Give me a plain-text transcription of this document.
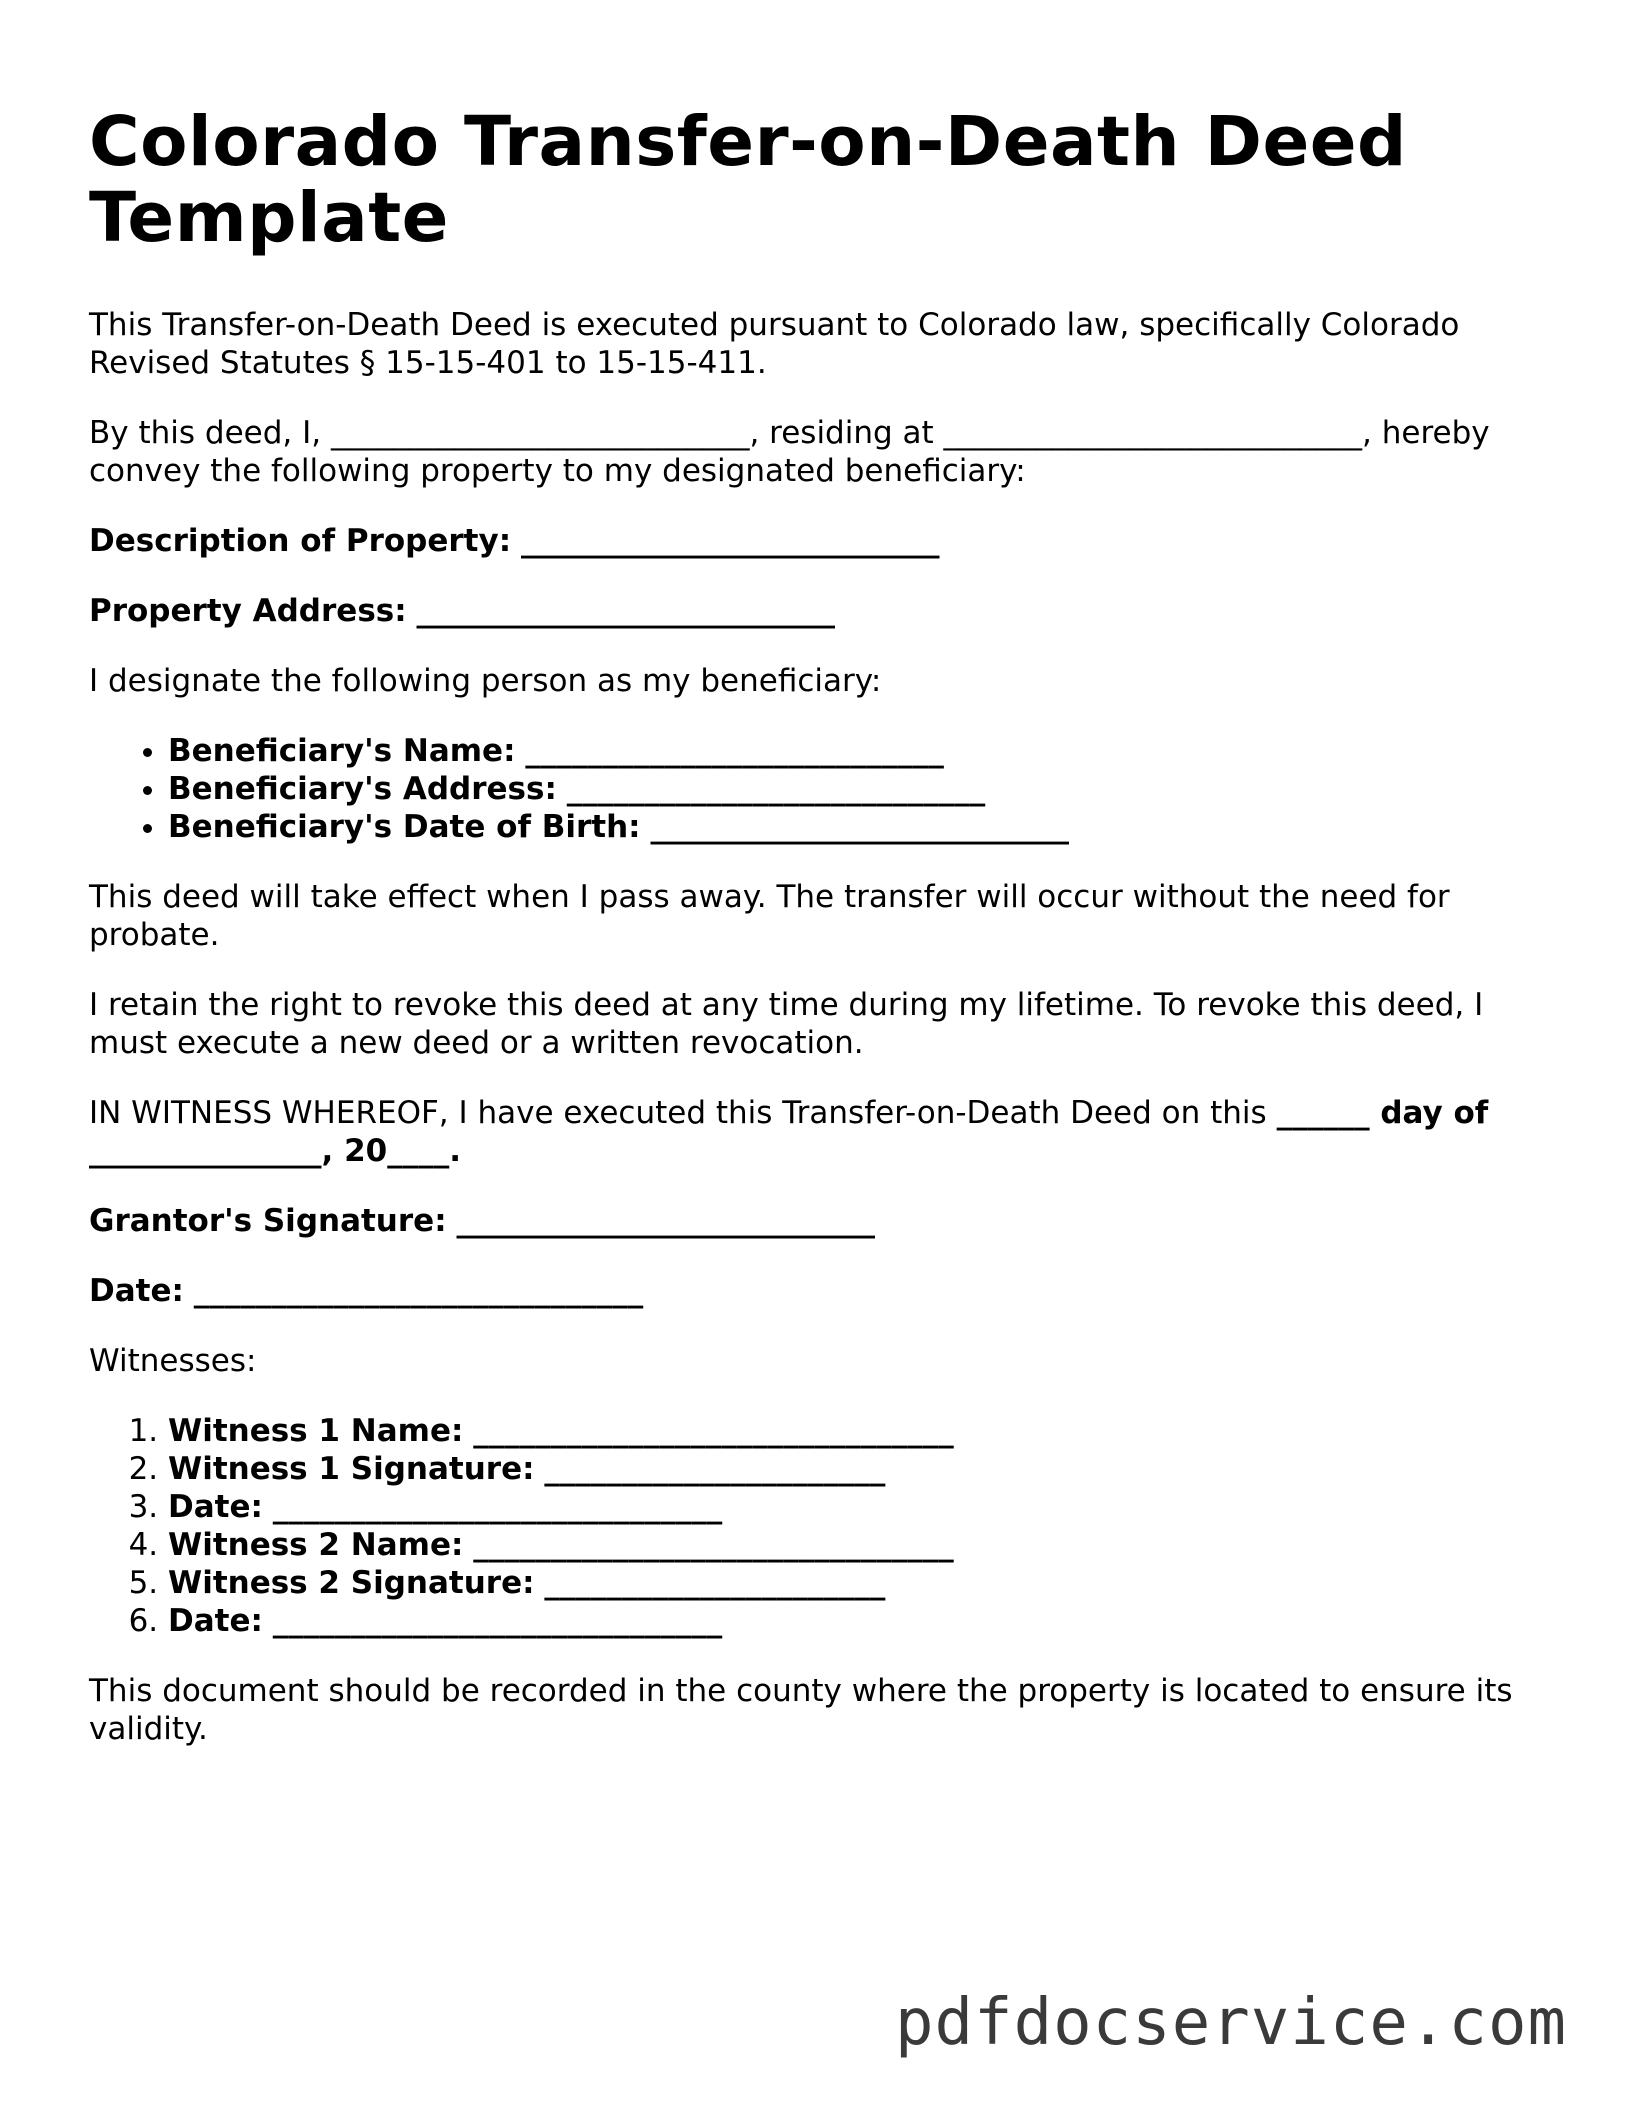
Colorado Transfer-on-Death Deed Template

This Transfer-on-Death Deed is executed pursuant to Colorado law, specifically Colorado Revised Statutes § 15-15-401 to 15-15-411.

By this deed, I, ___________________________, residing at ___________________________, hereby convey the following property to my designated beneficiary:

Description of Property: ___________________________

Property Address: ___________________________

I designate the following person as my beneficiary:

• Beneficiary's Name: ___________________________
• Beneficiary's Address: ___________________________
• Beneficiary's Date of Birth: ___________________________

This deed will take effect when I pass away. The transfer will occur without the need for probate.

I retain the right to revoke this deed at any time during my lifetime. To revoke this deed, I must execute a new deed or a written revocation.

IN WITNESS WHEREOF, I have executed this Transfer-on-Death Deed on this ______ day of _______________, 20____.

Grantor's Signature: ___________________________

Date: _____________________________

Witnesses:

1. Witness 1 Name: _______________________________
2. Witness 1 Signature: ______________________
3. Date: _____________________________
4. Witness 2 Name: _______________________________
5. Witness 2 Signature: ______________________
6. Date: _____________________________

This document should be recorded in the county where the property is located to ensure its validity.

pdfdocservice.com
